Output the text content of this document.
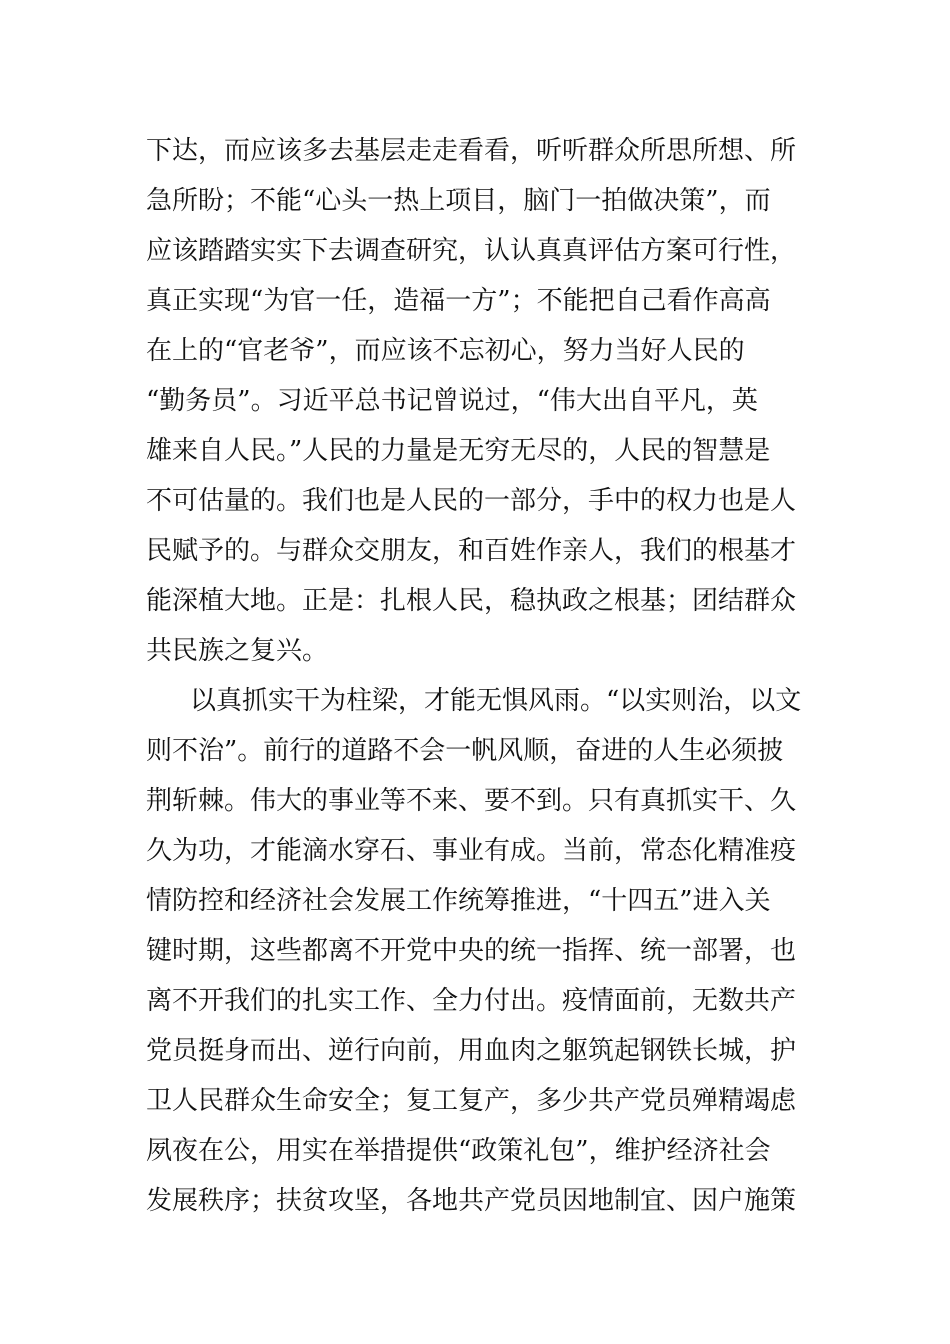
下达，而应该多去基层走走看看，听听群众所思所想、所
急所盼；不能“心头一热上项目，脑门一拍做决策”，而
应该踏踏实实下去调查研究，认认真真评估方案可行性，
真正实现“为官一任，造福一方”；不能把自己看作高高
在上的“官老爷”，而应该不忘初心，努力当好人民的
“勤务员”。习近平总书记曾说过，“伟大出自平凡，英
雄来自人民。”人民的力量是无穷无尽的，人民的智慧是
不可估量的。我们也是人民的一部分，手中的权力也是人
民赋予的。与群众交朋友，和百姓作亲人，我们的根基才
能深植大地。正是：扎根人民，稳执政之根基；团结群众
共民族之复兴。
以真抓实干为柱梁，才能无惧风雨。“以实则治，以文
则不治”。前行的道路不会一帆风顺，奋进的人生必须披
荆斩棘。伟大的事业等不来、要不到。只有真抓实干、久
久为功，才能滴水穿石、事业有成。当前，常态化精准疫
情防控和经济社会发展工作统筹推进，“十四五”进入关
键时期，这些都离不开党中央的统一指挥、统一部署，也
离不开我们的扎实工作、全力付出。疫情面前，无数共产
党员挺身而出、逆行向前，用血肉之躯筑起钢铁长城，护
卫人民群众生命安全；复工复产，多少共产党员殚精竭虑
夙夜在公，用实在举措提供“政策礼包”，维护经济社会
发展秩序；扶贫攻坚，各地共产党员因地制宜、因户施策
